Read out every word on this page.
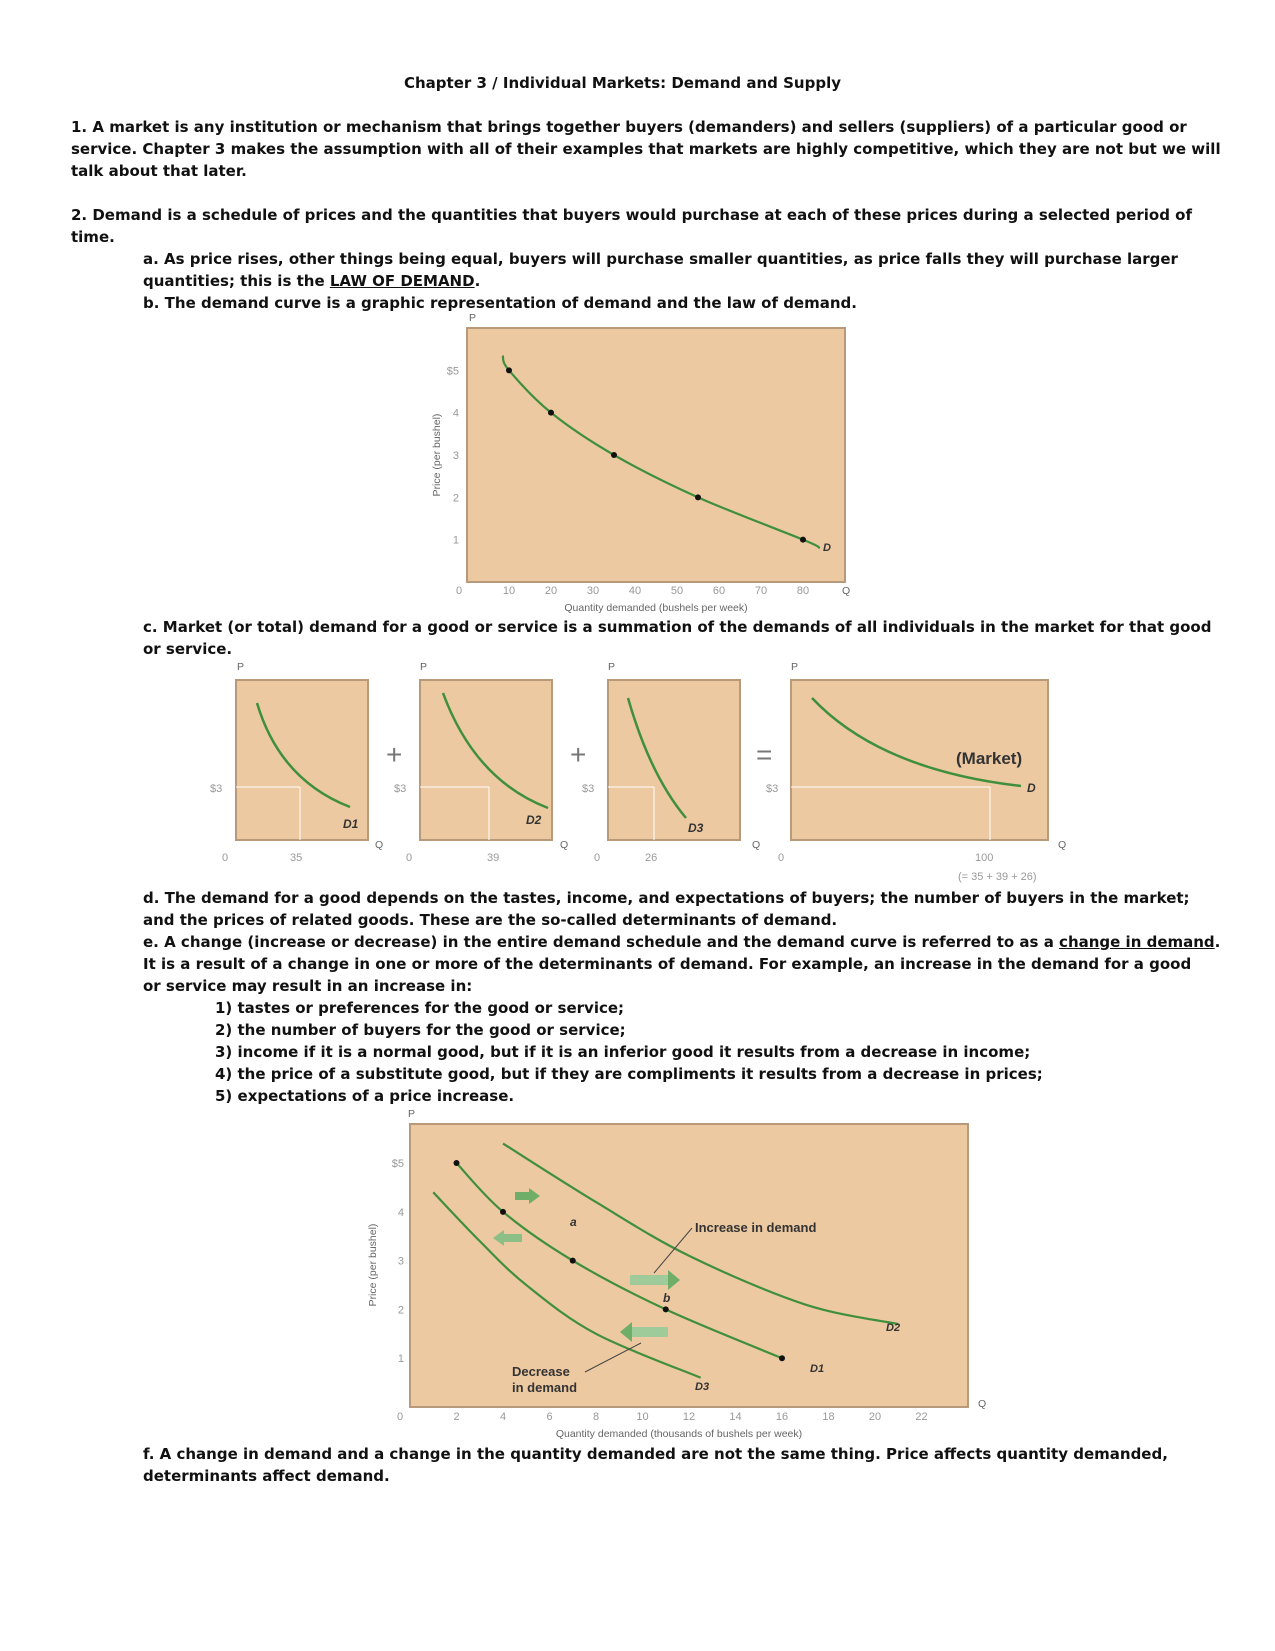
Chapter 3 / Individual Markets: Demand and Supply
1. A market is any institution or mechanism that brings together buyers (demanders) and sellers (suppliers) of a particular good or
service. Chapter 3 makes the assumption with all of their examples that markets are highly competitive, which they are not but we will
talk about that later.
2. Demand is a schedule of prices and the quantities that buyers would purchase at each of these prices during a selected period of
time.
a. As price rises, other things being equal, buyers will purchase smaller quantities, as price falls they will purchase larger
quantities; this is the LAW OF DEMAND.
b. The demand curve is a graphic representation of demand and the law of demand.
P
1
2
3
4
$5
0	10	20	30	40	50	60	70	80
D
Q
Quantity demanded (bushels per week)
Price (per bushel)
c. Market (or total) demand for a good or service is a summation of the demands of all individuals in the market for that good
or service.
P
$3
35
0
D1
Q
+
P
$3
39
0
D2
Q
+
P
$3
26
0
D3
Q
=
P
$3
100
(= 35 + 39 + 26)
0
(Market)
D
Q
d. The demand for a good depends on the tastes, income, and expectations of buyers; the number of buyers in the market;
and the prices of related goods. These are the so-called determinants of demand.
e. A change (increase or decrease) in the entire demand schedule and the demand curve is referred to as a change in demand.
It is a result of a change in one or more of the determinants of demand. For example, an increase in the demand for a good
or service may result in an increase in:
1) tastes or preferences for the good or service;
2) the number of buyers for the good or service;
3) income if it is a normal good, but if it is an inferior good it results from a decrease in income;
4) the price of a substitute good, but if they are compliments it results from a decrease in prices;
5) expectations of a price increase.
P
1
2
3
4
$5
0	2	4	6	8	10	12	14	16	18	20	22
Increase in demand
Decrease
in demand
a
b
D1
D2
D3
Q
Quantity demanded (thousands of bushels per week)
Price (per bushel)
f. A change in demand and a change in the quantity demanded are not the same thing. Price affects quantity demanded,
determinants affect demand.
